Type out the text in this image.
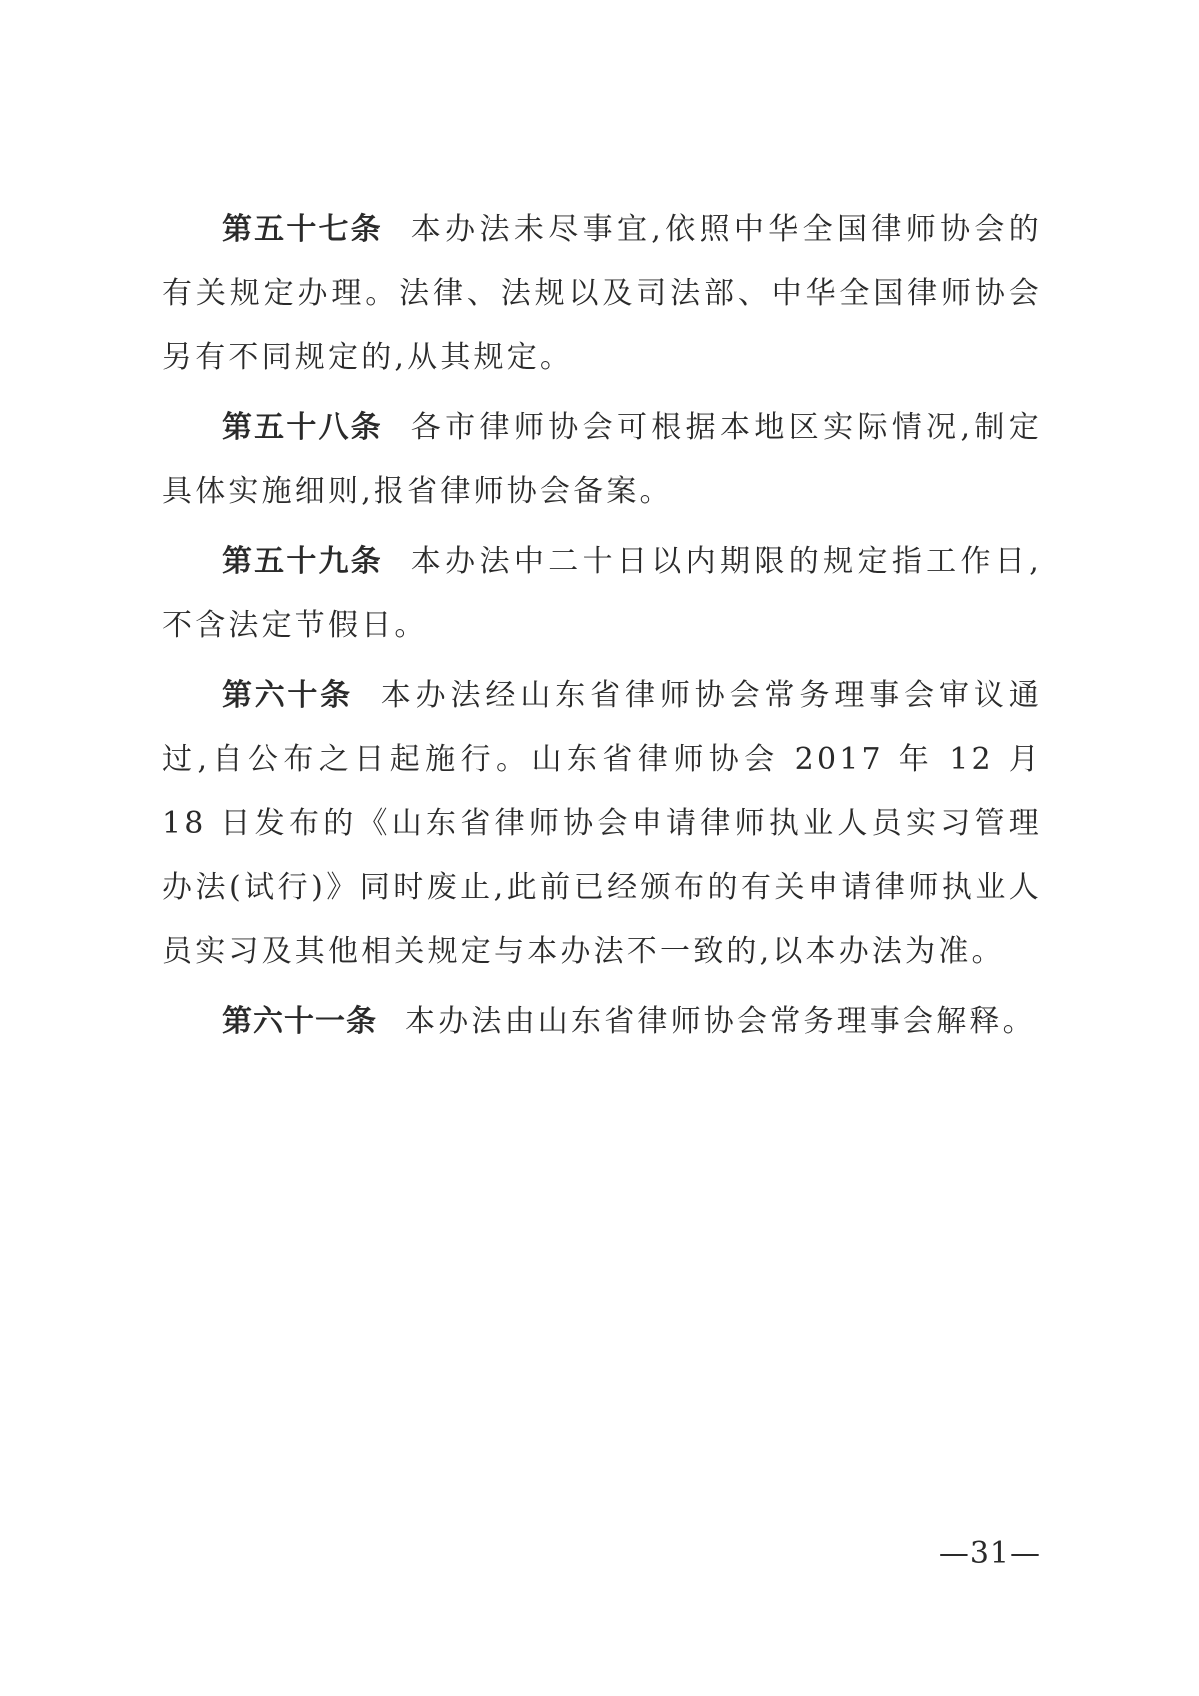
第五十七条 本办法未尽事宜,依照中华全国律师协会的有关规定办理。法律、法规以及司法部、中华全国律师协会另有不同规定的,从其规定。

第五十八条 各市律师协会可根据本地区实际情况,制定具体实施细则,报省律师协会备案。

第五十九条 本办法中二十日以内期限的规定指工作日,不含法定节假日。

第六十条 本办法经山东省律师协会常务理事会审议通过,自公布之日起施行。山东省律师协会 2017 年 12 月 18 日发布的《山东省律师协会申请律师执业人员实习管理办法(试行)》同时废止,此前已经颁布的有关申请律师执业人员实习及其他相关规定与本办法不一致的,以本办法为准。

第六十一条 本办法由山东省律师协会常务理事会解释。

—31—
